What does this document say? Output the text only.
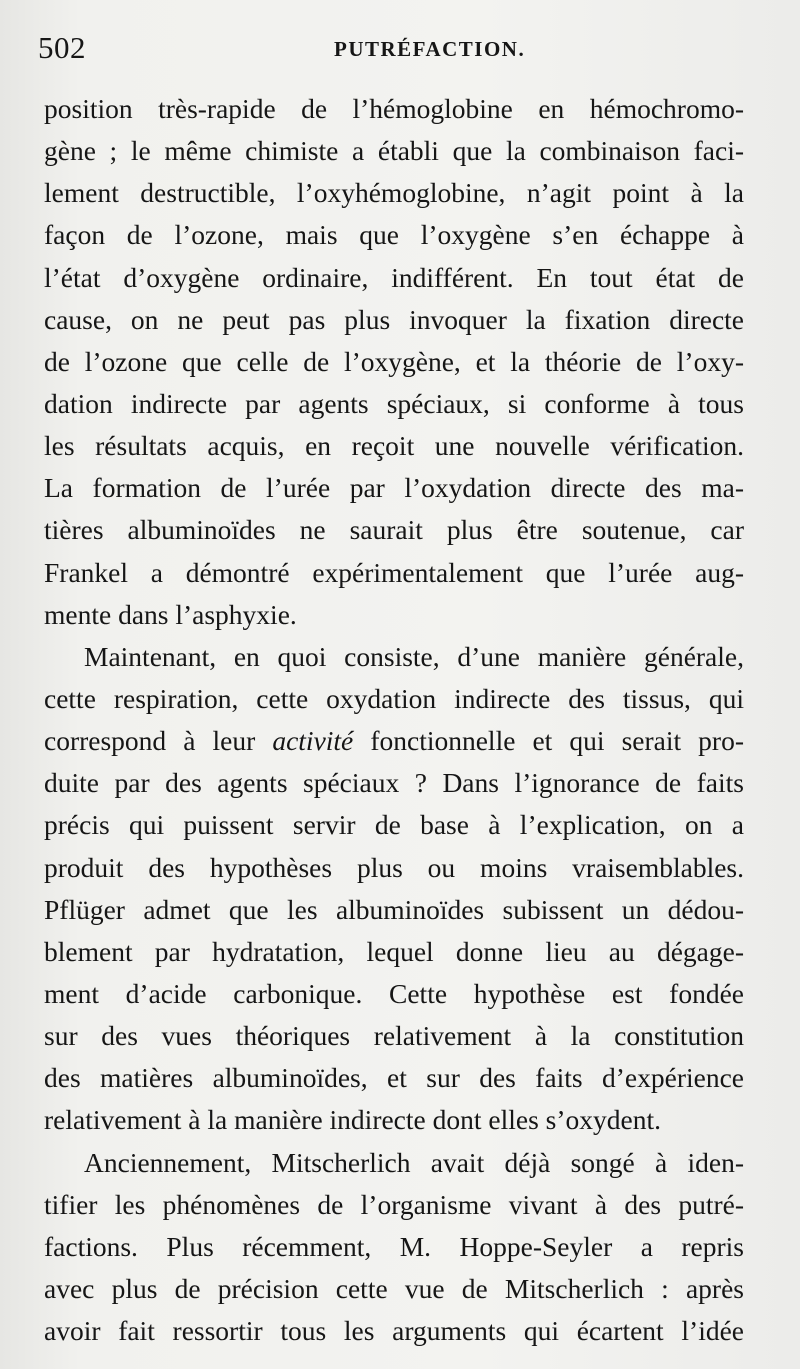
502	PUTRÉFACTION.
position très-rapide de l’hémoglobine en hémochromo-
gène ; le même chimiste a établi que la combinaison faci-
lement destructible, l’oxyhémoglobine, n’agit point à la
façon de l’ozone, mais que l’oxygène s’en échappe à
l’état d’oxygène ordinaire, indifférent. En tout état de
cause, on ne peut pas plus invoquer la fixation directe
de l’ozone que celle de l’oxygène, et la théorie de l’oxy-
dation indirecte par agents spéciaux, si conforme à tous
les résultats acquis, en reçoit une nouvelle vérification.
La formation de l’urée par l’oxydation directe des ma-
tières albuminoïdes ne saurait plus être soutenue, car
Frankel a démontré expérimentalement que l’urée aug-
mente dans l’asphyxie.
Maintenant, en quoi consiste, d’une manière générale,
cette respiration, cette oxydation indirecte des tissus, qui
correspond à leur activité fonctionnelle et qui serait pro-
duite par des agents spéciaux ? Dans l’ignorance de faits
précis qui puissent servir de base à l’explication, on a
produit des hypothèses plus ou moins vraisemblables.
Pflüger admet que les albuminoïdes subissent un dédou-
blement par hydratation, lequel donne lieu au dégage-
ment d’acide carbonique. Cette hypothèse est fondée
sur des vues théoriques relativement à la constitution
des matières albuminoïdes, et sur des faits d’expérience
relativement à la manière indirecte dont elles s’oxydent.
Anciennement, Mitscherlich avait déjà songé à iden-
tifier les phénomènes de l’organisme vivant à des putré-
factions. Plus récemment, M. Hoppe-Seyler a repris
avec plus de précision cette vue de Mitscherlich : après
avoir fait ressortir tous les arguments qui écartent l’idée
